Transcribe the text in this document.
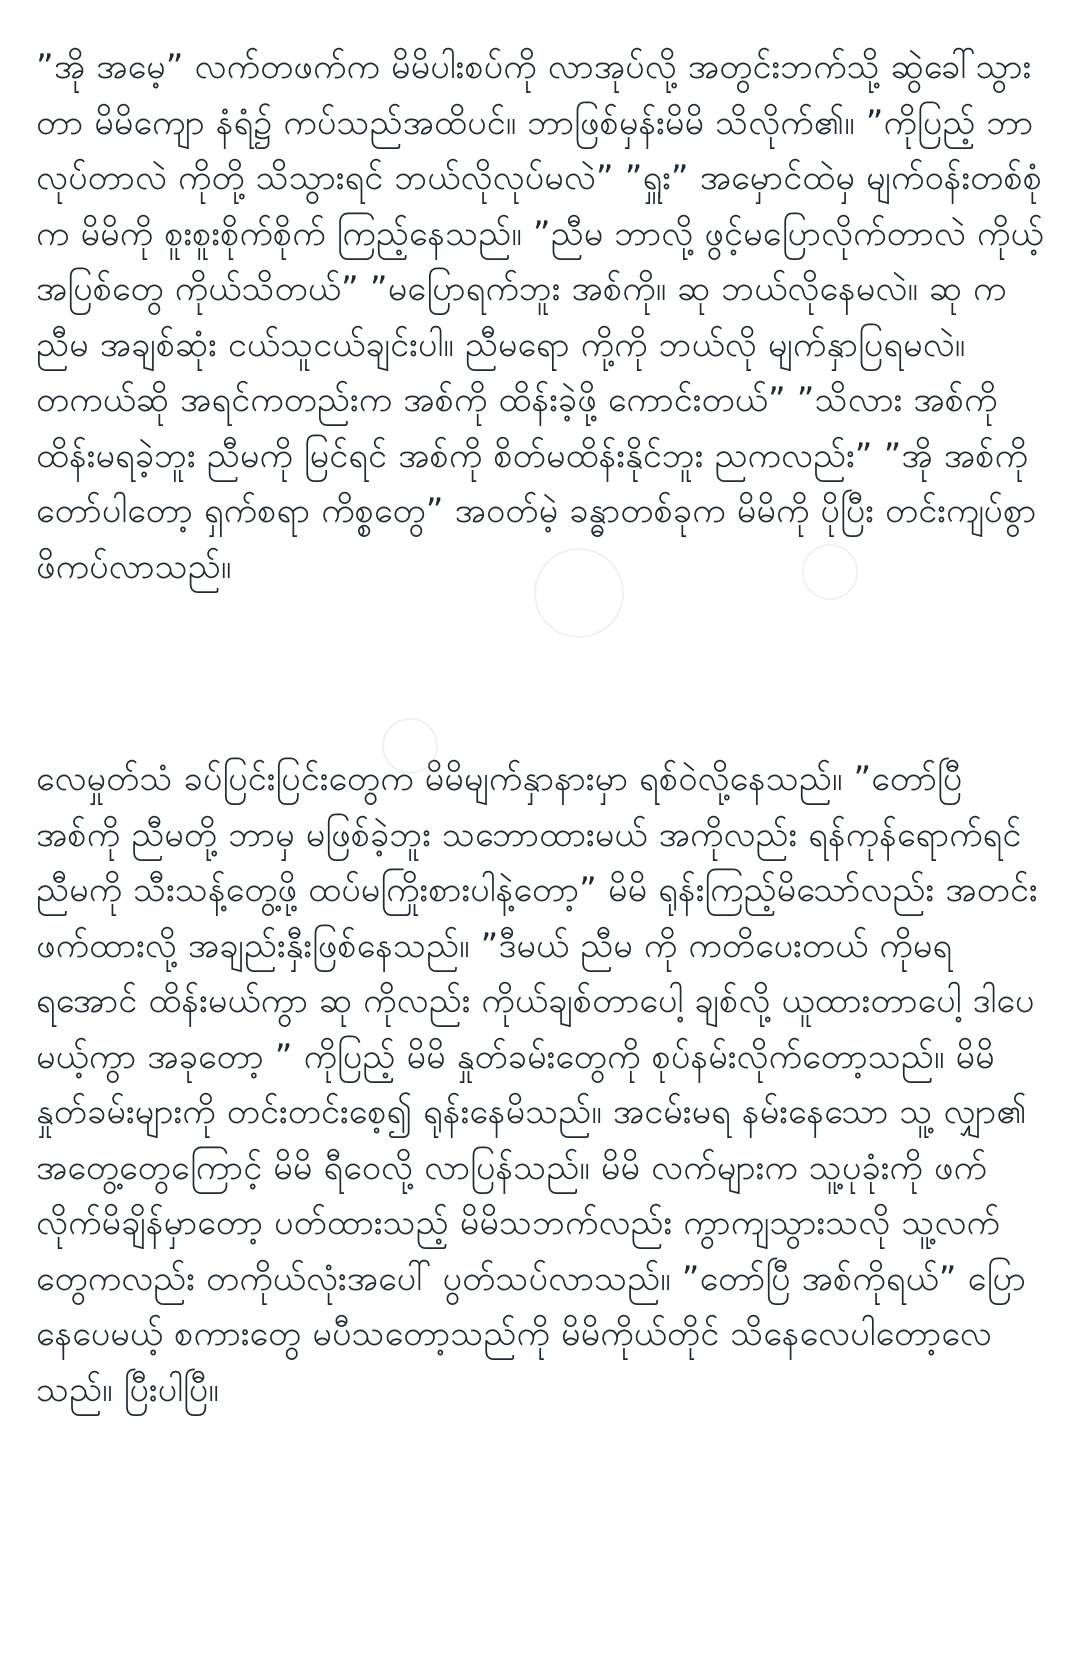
”အို အမေ့” လက်တဖက်က မိမိပါးစပ်ကို လာအုပ်လို့ အတွင်းဘက်သို့ ဆွဲခေါ်သွားတာ မိမိကျော နံရံ၌ ကပ်သည်အထိပင်။ ဘာဖြစ်မှန်းမိမိ သိလိုက်၏။ ”ကိုပြည့် ဘာလုပ်တာလဲ ကိုတို့ သိသွားရင် ဘယ်လိုလုပ်မလဲ” ”ရှူး” အမှောင်ထဲမှ မျက်ဝန်းတစ်စုံက မိမိကို စူးစူးစိုက်စိုက် ကြည့်နေသည်။ ”ညီမ ဘာလို့ ဖွင့်မပြောလိုက်တာလဲ ကိုယ့်အပြစ်တွေ ကိုယ်သိတယ်” ”မပြောရက်ဘူး အစ်ကို။ ဆု ဘယ်လိုနေမလဲ။ ဆု က ညီမ အချစ်ဆုံး ငယ်သူငယ်ချင်းပါ။ ညီမရော ကို့ကို ဘယ်လို မျက်နှာပြရမလဲ။ တကယ်ဆို အရင်ကတည်းက အစ်ကို ထိန်းခဲ့ဖို့ ကောင်းတယ်” ”သိလား အစ်ကို ထိန်းမရခဲ့ဘူး ညီမကို မြင်ရင် အစ်ကို စိတ်မထိန်းနိုင်ဘူး ညကလည်း” ”အို အစ်ကို တော်ပါတော့ ရှက်စရာ ကိစ္စတွေ” အဝတ်မဲ့ ခန္ဓာတစ်ခုက မိမိကို ပိုပြီး တင်းကျပ်စွာ ဖိကပ်လာသည်။

လေမှုတ်သံ ခပ်ပြင်းပြင်းတွေက မိမိမျက်နှာနားမှာ ရစ်ဝဲလို့နေသည်။ ”တော်ပြီ အစ်ကို ညီမတို့ ဘာမှ မဖြစ်ခဲ့ဘူး သဘောထားမယ် အကိုလည်း ရန်ကုန်ရောက်ရင် ညီမကို သီးသန့်တွေ့ဖို့ ထပ်မကြိုးစားပါနဲ့တော့” မိမိ ရုန်းကြည့်မိသော်လည်း အတင်း ဖက်ထားလို့ အချည်းနှီးဖြစ်နေသည်။ ”ဒီမယ် ညီမ ကို ကတိပေးတယ် ကိုမရ ရအောင် ထိန်းမယ်ကွာ ဆု ကိုလည်း ကိုယ်ချစ်တာပေါ့ ချစ်လို့ ယူထားတာပေါ့ ဒါပေမယ့်ကွာ အခုတော့ ” ကိုပြည့် မိမိ နှုတ်ခမ်းတွေကို စုပ်နမ်းလိုက်တော့သည်။ မိမိနှုတ်ခမ်းများကို တင်းတင်းစေ့၍ ရုန်းနေမိသည်။ အငမ်းမရ နမ်းနေသော သူ့ လျှာ၏ အတွေ့တွေကြောင့် မိမိ ရီဝေလို့ လာပြန်သည်။ မိမိ လက်များက သူ့ပုခုံးကို ဖက်လိုက်မိချိန်မှာတော့ ပတ်ထားသည့် မိမိသဘက်လည်း ကွာကျသွားသလို သူ့လက်တွေကလည်း တကိုယ်လုံးအပေါ် ပွတ်သပ်လာသည်။ ”တော်ပြီ အစ်ကိုရယ်” ပြောနေပေမယ့် စကားတွေ မပီသတော့သည်ကို မိမိကိုယ်တိုင် သိနေလေပါတော့လေသည်။ ပြီးပါပြီ။
